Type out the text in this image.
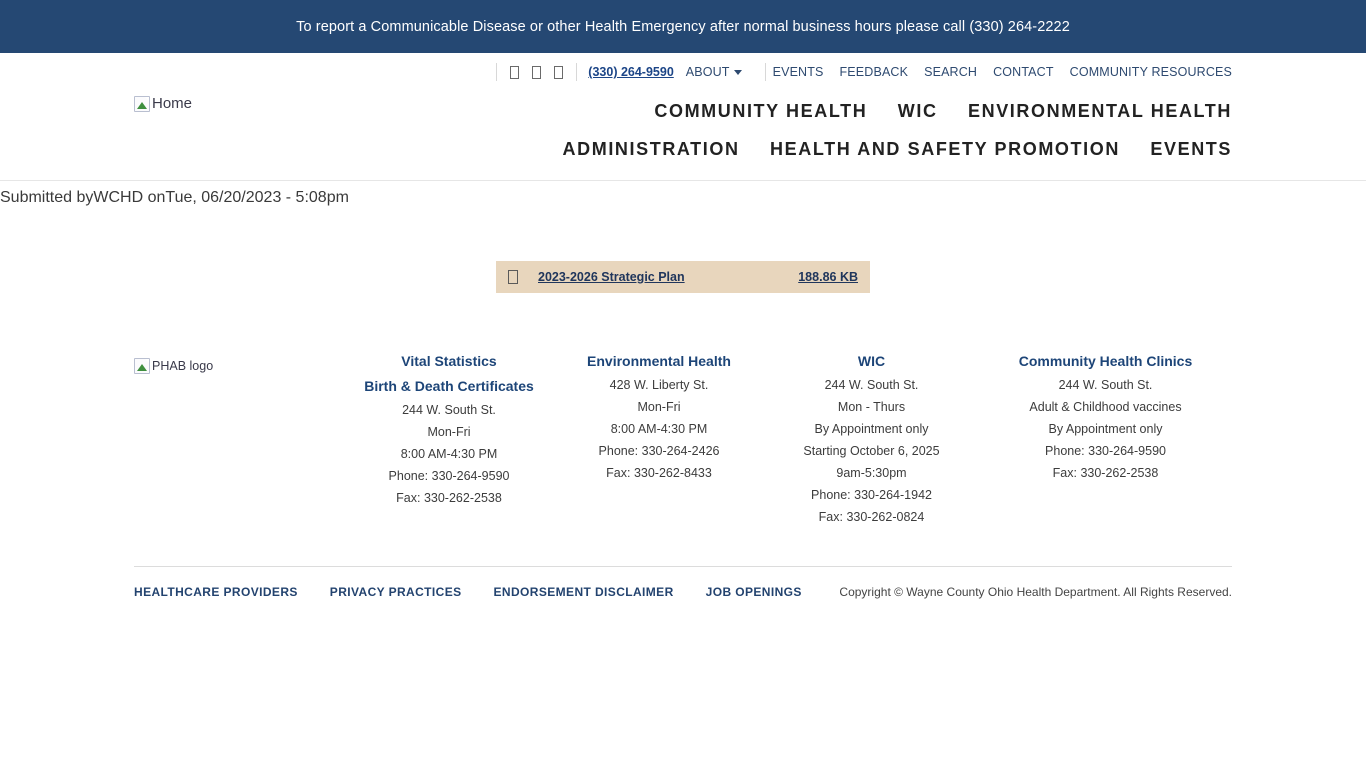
To report a Communicable Disease or other Health Emergency after normal business hours please call (330) 264-2222
(330) 264-9590 ABOUT	EVENTS FEEDBACK SEARCH CONTACT COMMUNITY RESOURCES
Home	COMMUNITY HEALTH WIC ENVIRONMENTAL HEALTH
ADMINISTRATION HEALTH AND SAFETY PROMOTION EVENTS

Submitted byWCHD onTue, 06/20/2023 - 5:08pm

2023-2026 Strategic Plan	188.86 KB
PHAB logo	Vital Statistics
Birth & Death Certificates
244 W. South St.
Mon-Fri
8:00 AM-4:30 PM
Phone: 330-264-9590
Fax: 330-262-2538
Environmental Health
428 W. Liberty St.
Mon-Fri
8:00 AM-4:30 PM
Phone: 330-264-2426
Fax: 330-262-8433
WIC
244 W. South St.
Mon - Thurs
By Appointment only
Starting October 6, 2025
9am-5:30pm
Phone: 330-264-1942
Fax: 330-262-0824
Community Health Clinics
244 W. South St.
Adult & Childhood vaccines
By Appointment only
Phone: 330-264-9590
Fax: 330-262-2538
HEALTHCARE PROVIDERS	PRIVACY PRACTICES	ENDORSEMENT DISCLAIMER	JOB OPENINGS	Copyright © Wayne County Ohio Health Department. All Rights Reserved.
